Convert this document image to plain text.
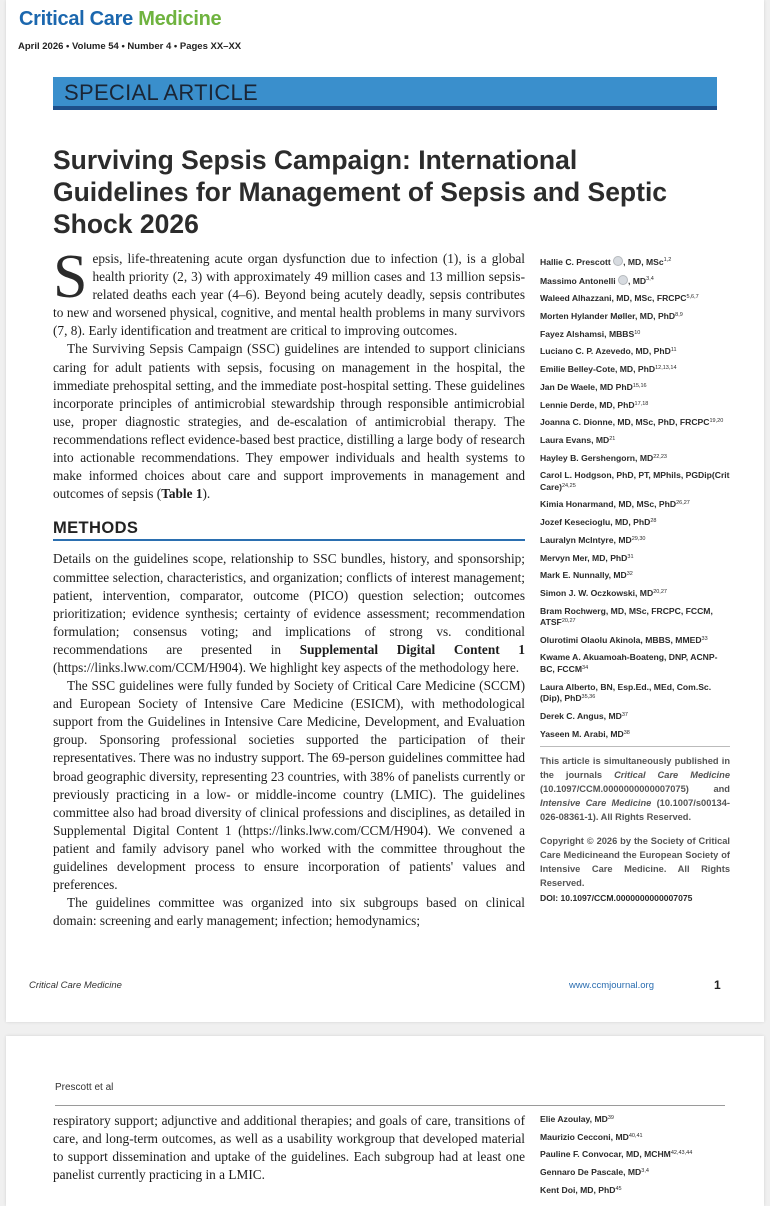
Critical Care Medicine
April 2026 • Volume 54 • Number 4 • Pages XX–XX
SPECIAL ARTICLE
Surviving Sepsis Campaign: International Guidelines for Management of Sepsis and Septic Shock 2026

Sepsis, life-threatening acute organ dysfunction due to infection (1), is a global health priority (2, 3) with approximately 49 million cases and 13 million sepsis-related deaths each year (4–6). Beyond being acutely deadly, sepsis contributes to new and worsened physical, cognitive, and mental health problems in many survivors (7, 8). Early identification and treatment are critical to improving outcomes.

The Surviving Sepsis Campaign (SSC) guidelines are intended to support clinicians caring for adult patients with sepsis, focusing on management in the hospital, the immediate prehospital setting, and the immediate post-hospital setting. These guidelines incorporate principles of antimicrobial stewardship through responsible antimicrobial use, proper diagnostic strategies, and de-escalation of antimicrobial therapy. The recommendations reflect evidence-based best practice, distilling a large body of research into actionable recommendations. They empower individuals and health systems to make informed choices about care and support improvements in management and outcomes of sepsis (Table 1).

METHODS

Details on the guidelines scope, relationship to SSC bundles, history, and sponsorship; committee selection, characteristics, and organization; conflicts of interest management; patient, intervention, comparator, outcome (PICO) question selection; outcomes prioritization; evidence synthesis; certainty of evidence assessment; recommendation formulation; consensus voting; and implications of strong vs. conditional recommendations are presented in Supplemental Digital Content 1 (https://links.lww.com/CCM/H904). We highlight key aspects of the methodology here.

The SSC guidelines were fully funded by Society of Critical Care Medicine (SCCM) and European Society of Intensive Care Medicine (ESICM), with methodological support from the Guidelines in Intensive Care Medicine, Development, and Evaluation group. Sponsoring professional societies supported the participation of their representatives. There was no industry support. The 69-person guidelines committee had broad geographic diversity, representing 23 countries, with 38% of panelists currently or previously practicing in a low- or middle-income country (LMIC). The guidelines committee also had broad diversity of clinical professions and disciplines, as detailed in Supplemental Digital Content 1 (https://links.lww.com/CCM/H904). We convened a patient and family advisory panel who worked with the committee throughout the guidelines development process to ensure incorporation of patients' values and preferences.

The guidelines committee was organized into six subgroups based on clinical domain: screening and early management; infection; hemodynamics;

Hallie C. Prescott , MD, MSc$^{1,2}$
Massimo Antonelli , MD$^{3,4}$
Waleed Alhazzani, MD, MSc, FRCPC$^{5,6,7}$
Morten Hylander Møller, MD, PhD$^{8,9}$
Fayez Alshamsi, MBBS$^{10}$
Luciano C. P. Azevedo, MD, PhD$^{11}$
Emilie Belley-Cote, MD, PhD$^{12,13,14}$
Jan De Waele, MD PhD$^{15,16}$
Lennie Derde, MD, PhD$^{17,18}$
Joanna C. Dionne, MD, MSc, PhD, FRCPC$^{19,20}$
Laura Evans, MD$^{21}$
Hayley B. Gershengorn, MD$^{22,23}$
Carol L. Hodgson, PhD, PT, MPhils, PGDip(Crit Care)$^{24,25}$
Kimia Honarmand, MD, MSc, PhD$^{26,27}$
Jozef Kesecioglu, MD, PhD$^{28}$
Lauralyn McIntyre, MD$^{29,30}$
Mervyn Mer, MD, PhD$^{31}$
Mark E. Nunnally, MD$^{32}$
Simon J. W. Oczkowski, MD$^{20,27}$
Bram Rochwerg, MD, MSc, FRCPC, FCCM, ATSF$^{20,27}$
Olurotimi Olaolu Akinola, MBBS, MMED$^{33}$
Kwame A. Akuamoah-Boateng, DNP, ACNP-BC, FCCM$^{34}$
Laura Alberto, BN, Esp.Ed., MEd, Com.Sc.(Dip), PhD$^{35,36}$
Derek C. Angus, MD$^{37}$
Yaseen M. Arabi, MD$^{38}$
This article is simultaneously published in the journals Critical Care Medicine (10.1097/CCM.0000000000007075) and Intensive Care Medicine (10.1007/s00134-026-08361-1). All Rights Reserved.
Copyright © 2026 by the Society of Critical Care Medicineand the European Society of Intensive Care Medicine. All Rights Reserved.
DOI: 10.1097/CCM.0000000000007075
Critical Care Medicine	www.ccmjournal.org	1
Prescott et al

respiratory support; adjunctive and additional therapies; and goals of care, transitions of care, and long-term outcomes, as well as a usability workgroup that developed material to support dissemination and uptake of the guidelines. Each subgroup had at least one panelist currently practicing in a LMIC.

Elie Azoulay, MD$^{39}$
Maurizio Cecconi, MD$^{40,41}$
Pauline F. Convocar, MD, MCHM$^{42,43,44}$
Gennaro De Pascale, MD$^{3,4}$
Kent Doi, MD, PhD$^{45}$
